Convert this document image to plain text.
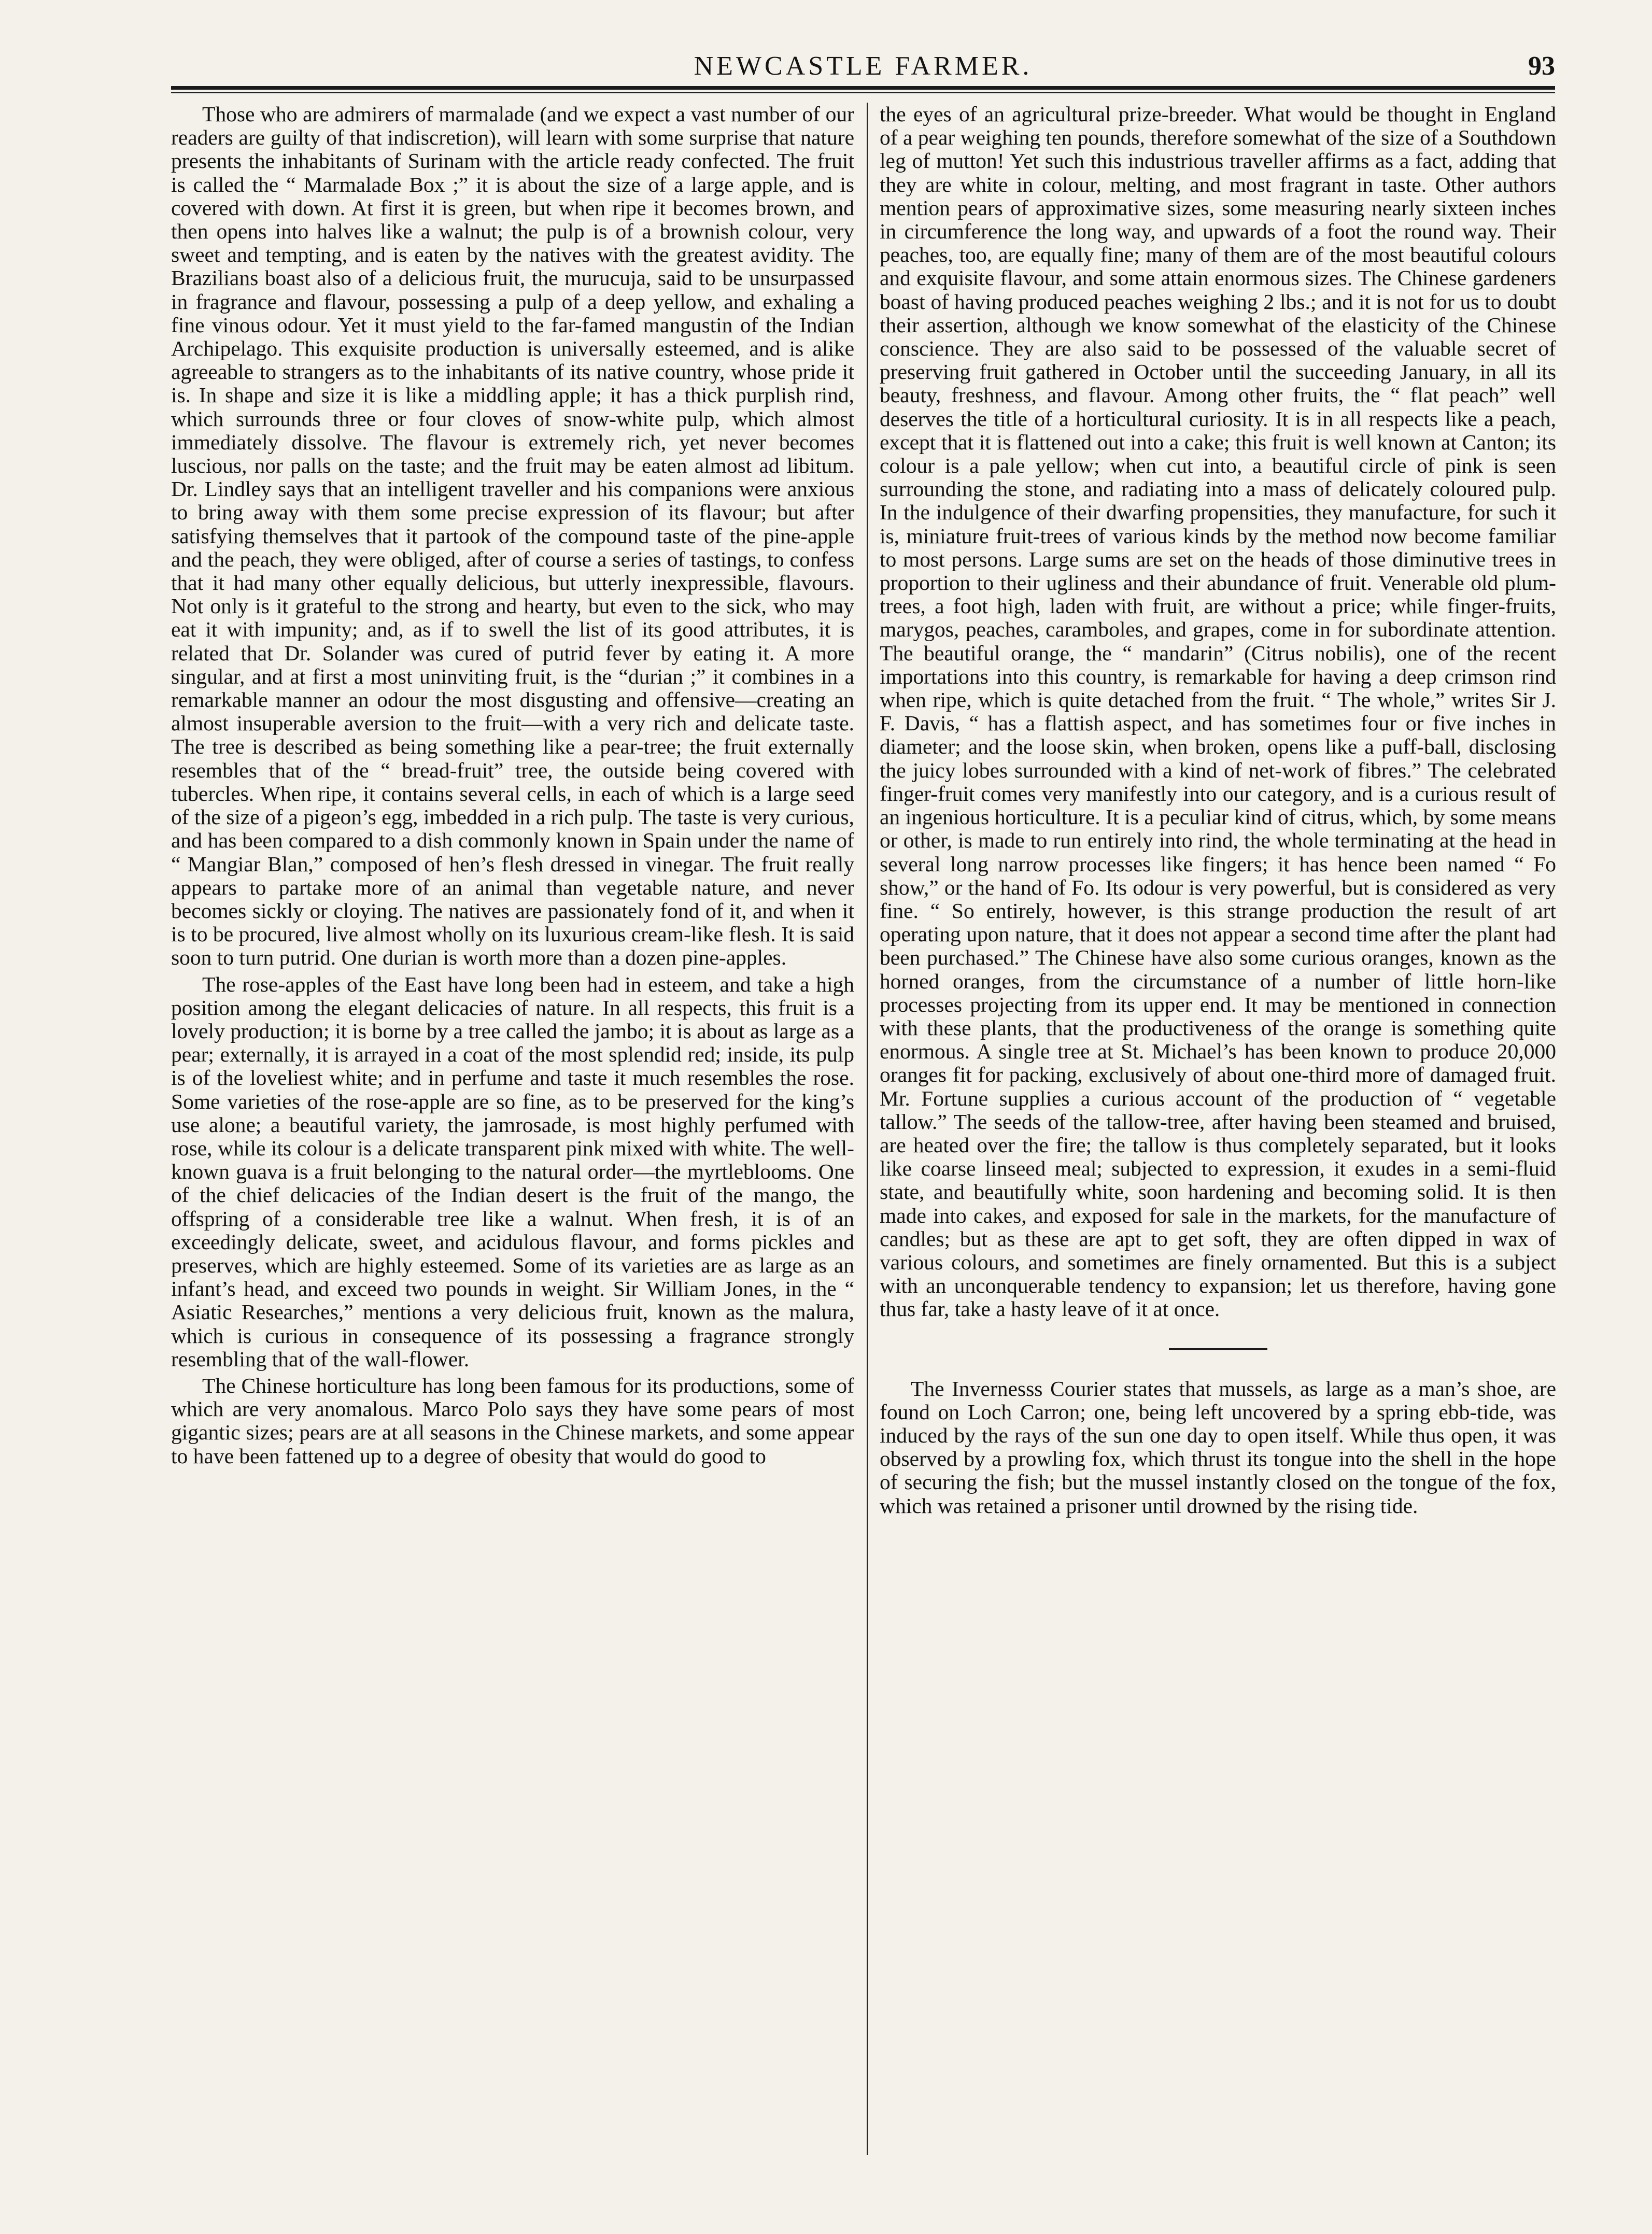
NEWCASTLE FARMER.	93

Those who are admirers of marmalade (and we expect a vast number of our readers are guilty of that indiscretion), will learn with some surprise that nature presents the inhabitants of Surinam with the article ready confected. The fruit is called the “ Marmalade Box ;” it is about the size of a large apple, and is covered with down. At first it is green, but when ripe it becomes brown, and then opens into halves like a walnut; the pulp is of a brownish colour, very sweet and tempting, and is eaten by the natives with the greatest avidity. The Brazilians boast also of a delicious fruit, the murucuja, said to be unsurpassed in fragrance and flavour, possessing a pulp of a deep yellow, and exhaling a fine vinous odour. Yet it must yield to the far-famed mangustin of the Indian Archipelago. This exquisite production is universally esteemed, and is alike agreeable to strangers as to the inhabitants of its native country, whose pride it is. In shape and size it is like a middling apple; it has a thick purplish rind, which surrounds three or four cloves of snow-white pulp, which almost immediately dissolve. The flavour is extremely rich, yet never becomes luscious, nor palls on the taste; and the fruit may be eaten almost ad libitum. Dr. Lindley says that an intelligent traveller and his companions were anxious to bring away with them some precise expression of its flavour; but after satisfying themselves that it partook of the compound taste of the pine-apple and the peach, they were obliged, after of course a series of tastings, to confess that it had many other equally delicious, but utterly inexpressible, flavours. Not only is it grateful to the strong and hearty, but even to the sick, who may eat it with impunity; and, as if to swell the list of its good attributes, it is related that Dr. Solander was cured of putrid fever by eating it. A more singular, and at first a most uninviting fruit, is the “durian ;” it combines in a remarkable manner an odour the most disgusting and offensive—creating an almost insuperable aversion to the fruit—with a very rich and delicate taste. The tree is described as being something like a pear-tree; the fruit externally resembles that of the “ bread-fruit” tree, the outside being covered with tubercles. When ripe, it contains several cells, in each of which is a large seed of the size of a pigeon’s egg, imbedded in a rich pulp. The taste is very curious, and has been compared to a dish commonly known in Spain under the name of “ Mangiar Blan,” composed of hen’s flesh dressed in vinegar. The fruit really appears to partake more of an animal than vegetable nature, and never becomes sickly or cloying. The natives are passionately fond of it, and when it is to be procured, live almost wholly on its luxurious cream-like flesh. It is said soon to turn putrid. One durian is worth more than a dozen pine-apples.

The rose-apples of the East have long been had in esteem, and take a high position among the elegant delicacies of nature. In all respects, this fruit is a lovely production; it is borne by a tree called the jambo; it is about as large as a pear; externally, it is arrayed in a coat of the most splendid red; inside, its pulp is of the loveliest white; and in perfume and taste it much resembles the rose. Some varieties of the rose-apple are so fine, as to be preserved for the king’s use alone; a beautiful variety, the jamrosade, is most highly perfumed with rose, while its colour is a delicate transparent pink mixed with white. The well-known guava is a fruit belonging to the natural order—the myrtleblooms. One of the chief delicacies of the Indian desert is the fruit of the mango, the offspring of a considerable tree like a walnut. When fresh, it is of an exceedingly delicate, sweet, and acidulous flavour, and forms pickles and preserves, which are highly esteemed. Some of its varieties are as large as an infant’s head, and exceed two pounds in weight. Sir William Jones, in the “ Asiatic Researches,” mentions a very delicious fruit, known as the malura, which is curious in consequence of its possessing a fragrance strongly resembling that of the wall-flower.

The Chinese horticulture has long been famous for its productions, some of which are very anomalous. Marco Polo says they have some pears of most gigantic sizes; pears are at all seasons in the Chinese markets, and some appear to have been fattened up to a degree of obesity that would do good to

the eyes of an agricultural prize-breeder. What would be thought in England of a pear weighing ten pounds, therefore somewhat of the size of a Southdown leg of mutton! Yet such this industrious traveller affirms as a fact, adding that they are white in colour, melting, and most fragrant in taste. Other authors mention pears of approximative sizes, some measuring nearly sixteen inches in circumference the long way, and upwards of a foot the round way. Their peaches, too, are equally fine; many of them are of the most beautiful colours and exquisite flavour, and some attain enormous sizes. The Chinese gardeners boast of having produced peaches weighing 2 lbs.; and it is not for us to doubt their assertion, although we know somewhat of the elasticity of the Chinese conscience. They are also said to be possessed of the valuable secret of preserving fruit gathered in October until the succeeding January, in all its beauty, freshness, and flavour. Among other fruits, the “ flat peach” well deserves the title of a horticultural curiosity. It is in all respects like a peach, except that it is flattened out into a cake; this fruit is well known at Canton; its colour is a pale yellow; when cut into, a beautiful circle of pink is seen surrounding the stone, and radiating into a mass of delicately coloured pulp. In the indulgence of their dwarfing propensities, they manufacture, for such it is, miniature fruit-trees of various kinds by the method now become familiar to most persons. Large sums are set on the heads of those diminutive trees in proportion to their ugliness and their abundance of fruit. Venerable old plum-trees, a foot high, laden with fruit, are without a price; while finger-fruits, marygos, peaches, caramboles, and grapes, come in for subordinate attention. The beautiful orange, the “ mandarin” (Citrus nobilis), one of the recent importations into this country, is remarkable for having a deep crimson rind when ripe, which is quite detached from the fruit. “ The whole,” writes Sir J. F. Davis, “ has a flattish aspect, and has sometimes four or five inches in diameter; and the loose skin, when broken, opens like a puff-ball, disclosing the juicy lobes surrounded with a kind of net-work of fibres.” The celebrated finger-fruit comes very manifestly into our category, and is a curious result of an ingenious horticulture. It is a peculiar kind of citrus, which, by some means or other, is made to run entirely into rind, the whole terminating at the head in several long narrow processes like fingers; it has hence been named “ Fo show,” or the hand of Fo. Its odour is very powerful, but is considered as very fine. “ So entirely, however, is this strange production the result of art operating upon nature, that it does not appear a second time after the plant had been purchased.” The Chinese have also some curious oranges, known as the horned oranges, from the circumstance of a number of little horn-like processes projecting from its upper end. It may be mentioned in connection with these plants, that the productiveness of the orange is something quite enormous. A single tree at St. Michael’s has been known to produce 20,000 oranges fit for packing, exclusively of about one-third more of damaged fruit. Mr. Fortune supplies a curious account of the production of “ vegetable tallow.” The seeds of the tallow-tree, after having been steamed and bruised, are heated over the fire; the tallow is thus completely separated, but it looks like coarse linseed meal; subjected to expression, it exudes in a semi-fluid state, and beautifully white, soon hardening and becoming solid. It is then made into cakes, and exposed for sale in the markets, for the manufacture of candles; but as these are apt to get soft, they are often dipped in wax of various colours, and sometimes are finely ornamented. But this is a subject with an unconquerable tendency to expansion; let us therefore, having gone thus far, take a hasty leave of it at once.

The Invernesss Courier states that mussels, as large as a man’s shoe, are found on Loch Carron; one, being left uncovered by a spring ebb-tide, was induced by the rays of the sun one day to open itself. While thus open, it was observed by a prowling fox, which thrust its tongue into the shell in the hope of securing the fish; but the mussel instantly closed on the tongue of the fox, which was retained a prisoner until drowned by the rising tide.
